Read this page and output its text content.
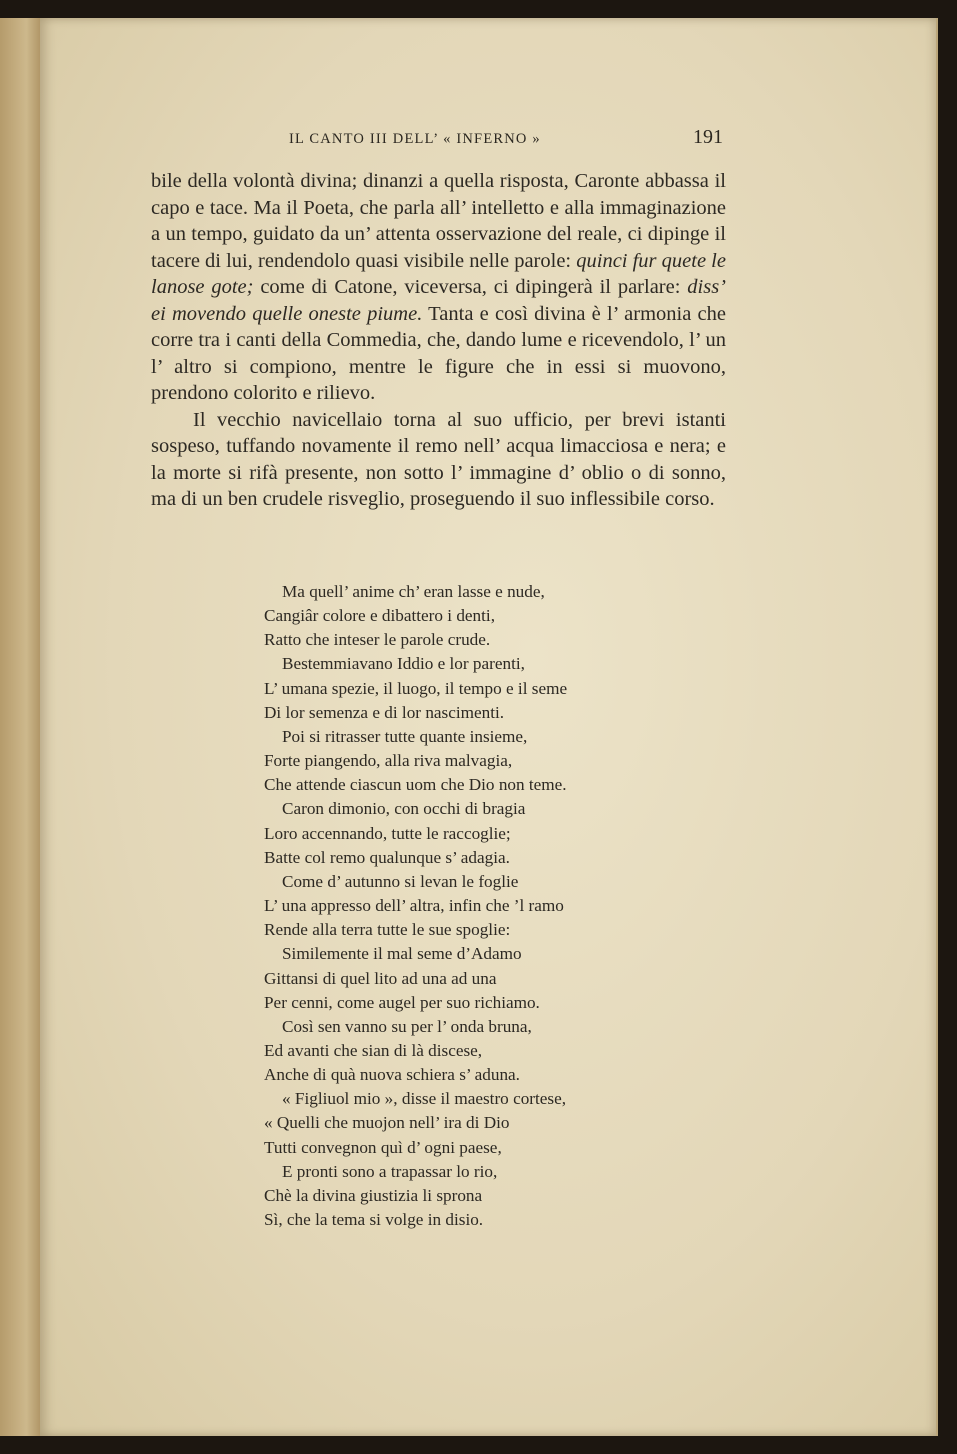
IL CANTO III DELL’ « INFERNO »	191

bile della volontà divina; dinanzi a quella risposta, Caronte abbassa il capo e tace. Ma il Poeta, che parla all’ intelletto e alla immaginazione a un tempo, guidato da un’ attenta osservazione del reale, ci dipinge il tacere di lui, rendendolo quasi visibile nelle parole: quinci fur quete le lanose gote; come di Catone, viceversa, ci dipingerà il parlare: diss’ ei movendo quelle oneste piume. Tanta e così divina è l’ armonia che corre tra i canti della Commedia, che, dando lume e ricevendolo, l’ un l’ altro si compiono, mentre le figure che in essi si muovono, prendono colorito e rilievo.

Il vecchio navicellaio torna al suo ufficio, per brevi istanti sospeso, tuffando novamente il remo nell’ acqua limacciosa e nera; e la morte si rifà presente, non sotto l’ immagine d’ oblio o di sonno, ma di un ben crudele risveglio, proseguendo il suo inflessibile corso.

Ma quell’ anime ch’ eran lasse e nude,
Cangiâr colore e dibattero i denti,
Ratto che inteser le parole crude.
Bestemmiavano Iddio e lor parenti,
L’ umana spezie, il luogo, il tempo e il seme
Di lor semenza e di lor nascimenti.
Poi si ritrasser tutte quante insieme,
Forte piangendo, alla riva malvagia,
Che attende ciascun uom che Dio non teme.
Caron dimonio, con occhi di bragia
Loro accennando, tutte le raccoglie;
Batte col remo qualunque s’ adagia.
Come d’ autunno si levan le foglie
L’ una appresso dell’ altra, infin che ’l ramo
Rende alla terra tutte le sue spoglie:
Similemente il mal seme d’Adamo
Gittansi di quel lito ad una ad una
Per cenni, come augel per suo richiamo.
Così sen vanno su per l’ onda bruna,
Ed avanti che sian di là discese,
Anche di quà nuova schiera s’ aduna.
« Figliuol mio », disse il maestro cortese,
« Quelli che muojon nell’ ira di Dio
Tutti convegnon quì d’ ogni paese,
E pronti sono a trapassar lo rio,
Chè la divina giustizia li sprona
Sì, che la tema si volge in disio.
